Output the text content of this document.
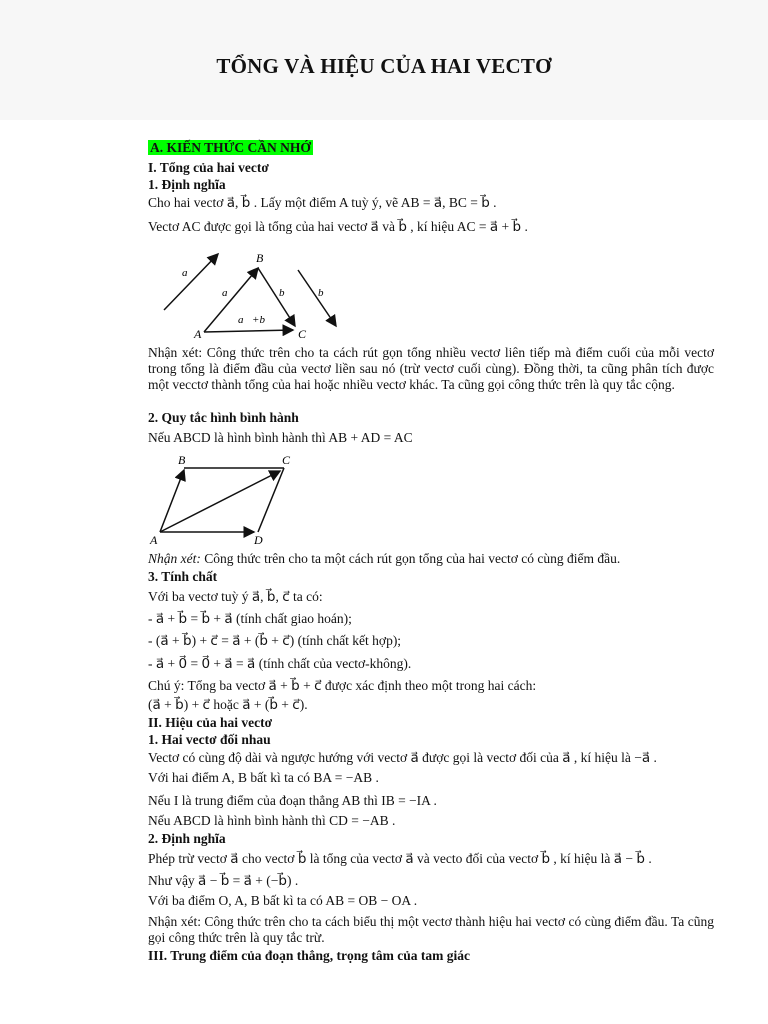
TỔNG VÀ HIỆU CỦA HAI VECTƠ
A. KIẾN THỨC CẦN NHỚ
I. Tổng của hai vectơ
1. Định nghĩa
Cho hai vectơ a⃗, b⃗ . Lấy một điểm A tuỳ ý, vẽ AB = a⃗, BC = b⃗ .
Vectơ AC được gọi là tổng của hai vectơ a⃗ và b⃗ , kí hiệu AC = a⃗ + b⃗ .
B
A	C
a⃗
a⃗	b⃗ b⃗
a⃗+b⃗
Nhận xét: Công thức trên cho ta cách rút gọn tổng nhiều vectơ liên tiếp mà điểm cuối của mỗi vectơ trong tổng là điểm đầu của vectơ liền sau nó (trừ vectơ cuối cùng). Đồng thời, ta cũng phân tích được một vecctơ thành tổng của hai hoặc nhiều vectơ khác. Ta cũng gọi công thức trên là quy tắc cộng.
2. Quy tắc hình bình hành
Nếu ABCD là hình bình hành thì AB + AD = AC
B	C
A	D
Nhận xét: Công thức trên cho ta một cách rút gọn tổng của hai vectơ có cùng điểm đầu.
3. Tính chất
Với ba vectơ tuỳ ý a⃗, b⃗, c⃗ ta có:
- a⃗ + b⃗ = b⃗ + a⃗ (tính chất giao hoán);
- (a⃗ + b⃗) + c⃗ = a⃗ + (b⃗ + c⃗) (tính chất kết hợp);
- a⃗ + 0⃗ = 0⃗ + a⃗ = a⃗ (tính chất của vectơ-không).
Chú ý: Tổng ba vectơ a⃗ + b⃗ + c⃗ được xác định theo một trong hai cách:
(a⃗ + b⃗) + c⃗ hoặc a⃗ + (b⃗ + c⃗).
II. Hiệu của hai vectơ
1. Hai vectơ đối nhau
Vectơ có cùng độ dài và ngược hướng với vectơ a⃗ được gọi là vectơ đối của a⃗ , kí hiệu là −a⃗ .
Với hai điểm A, B bất kì ta có BA = −AB .
Nếu I là trung điểm của đoạn thẳng AB thì IB = −IA .
Nếu ABCD là hình bình hành thì CD = −AB .
2. Định nghĩa
Phép trừ vectơ a⃗ cho vectơ b⃗ là tổng của vectơ a⃗ và vecto đối của vectơ b⃗ , kí hiệu là a⃗ − b⃗ .
Như vậy a⃗ − b⃗ = a⃗ + (−b⃗) .
Với ba điểm O, A, B bất kì ta có AB = OB − OA .
Nhận xét: Công thức trên cho ta cách biểu thị một vectơ thành hiệu hai vectơ có cùng điểm đầu. Ta cũng gọi công thức trên là quy tắc trừ.
III. Trung điểm của đoạn thẳng, trọng tâm của tam giác
